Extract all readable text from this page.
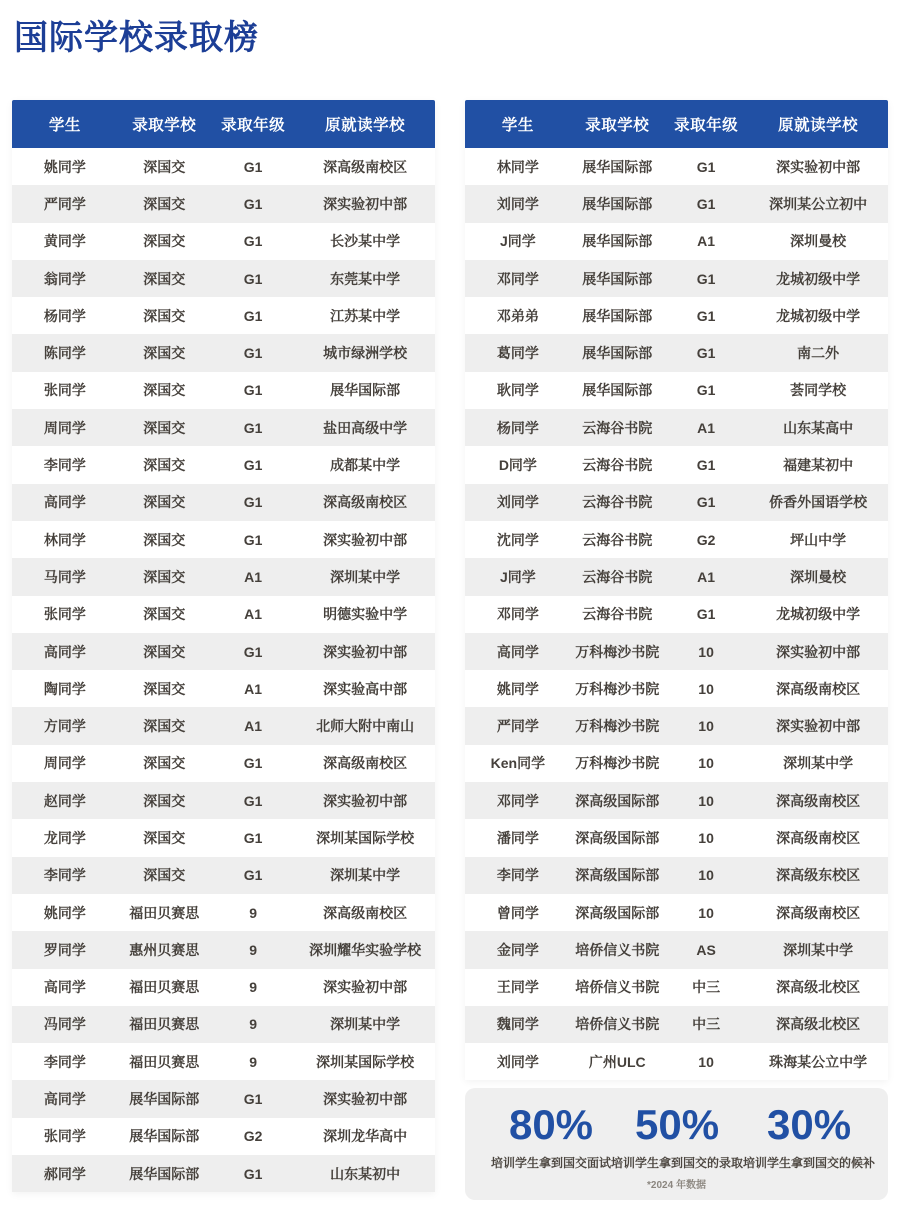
国际学校录取榜
学生	录取学校	录取年级	原就读学校
姚同学	深国交	G1	深高级南校区
严同学	深国交	G1	深实验初中部
黄同学	深国交	G1	长沙某中学
翁同学	深国交	G1	东莞某中学
杨同学	深国交	G1	江苏某中学
陈同学	深国交	G1	城市绿洲学校
张同学	深国交	G1	展华国际部
周同学	深国交	G1	盐田高级中学
李同学	深国交	G1	成都某中学
高同学	深国交	G1	深高级南校区
林同学	深国交	G1	深实验初中部
马同学	深国交	A1	深圳某中学
张同学	深国交	A1	明德实验中学
高同学	深国交	G1	深实验初中部
陶同学	深国交	A1	深实验高中部
方同学	深国交	A1	北师大附中南山
周同学	深国交	G1	深高级南校区
赵同学	深国交	G1	深实验初中部
龙同学	深国交	G1	深圳某国际学校
李同学	深国交	G1	深圳某中学
姚同学	福田贝赛思	9	深高级南校区
罗同学	惠州贝赛思	9	深圳耀华实验学校
高同学	福田贝赛思	9	深实验初中部
冯同学	福田贝赛思	9	深圳某中学
李同学	福田贝赛思	9	深圳某国际学校
高同学	展华国际部	G1	深实验初中部
张同学	展华国际部	G2	深圳龙华高中
郝同学	展华国际部	G1	山东某初中
学生	录取学校	录取年级	原就读学校
林同学	展华国际部	G1	深实验初中部
刘同学	展华国际部	G1	深圳某公立初中
J同学	展华国际部	A1	深圳曼校
邓同学	展华国际部	G1	龙城初级中学
邓弟弟	展华国际部	G1	龙城初级中学
葛同学	展华国际部	G1	南二外
耿同学	展华国际部	G1	荟同学校
杨同学	云海谷书院	A1	山东某高中
D同学	云海谷书院	G1	福建某初中
刘同学	云海谷书院	G1	侨香外国语学校
沈同学	云海谷书院	G2	坪山中学
J同学	云海谷书院	A1	深圳曼校
邓同学	云海谷书院	G1	龙城初级中学
高同学	万科梅沙书院	10	深实验初中部
姚同学	万科梅沙书院	10	深高级南校区
严同学	万科梅沙书院	10	深实验初中部
Ken同学	万科梅沙书院	10	深圳某中学
邓同学	深高级国际部	10	深高级南校区
潘同学	深高级国际部	10	深高级南校区
李同学	深高级国际部	10	深高级东校区
曾同学	深高级国际部	10	深高级南校区
金同学	培侨信义书院	AS	深圳某中学
王同学	培侨信义书院	中三	深高级北校区
魏同学	培侨信义书院	中三	深高级北校区
刘同学	广州ULC	10	珠海某公立中学
80%
培训学生拿到国交面试
50%
培训学生拿到国交的录取
30%
培训学生拿到国交的候补
*2024 年数据
